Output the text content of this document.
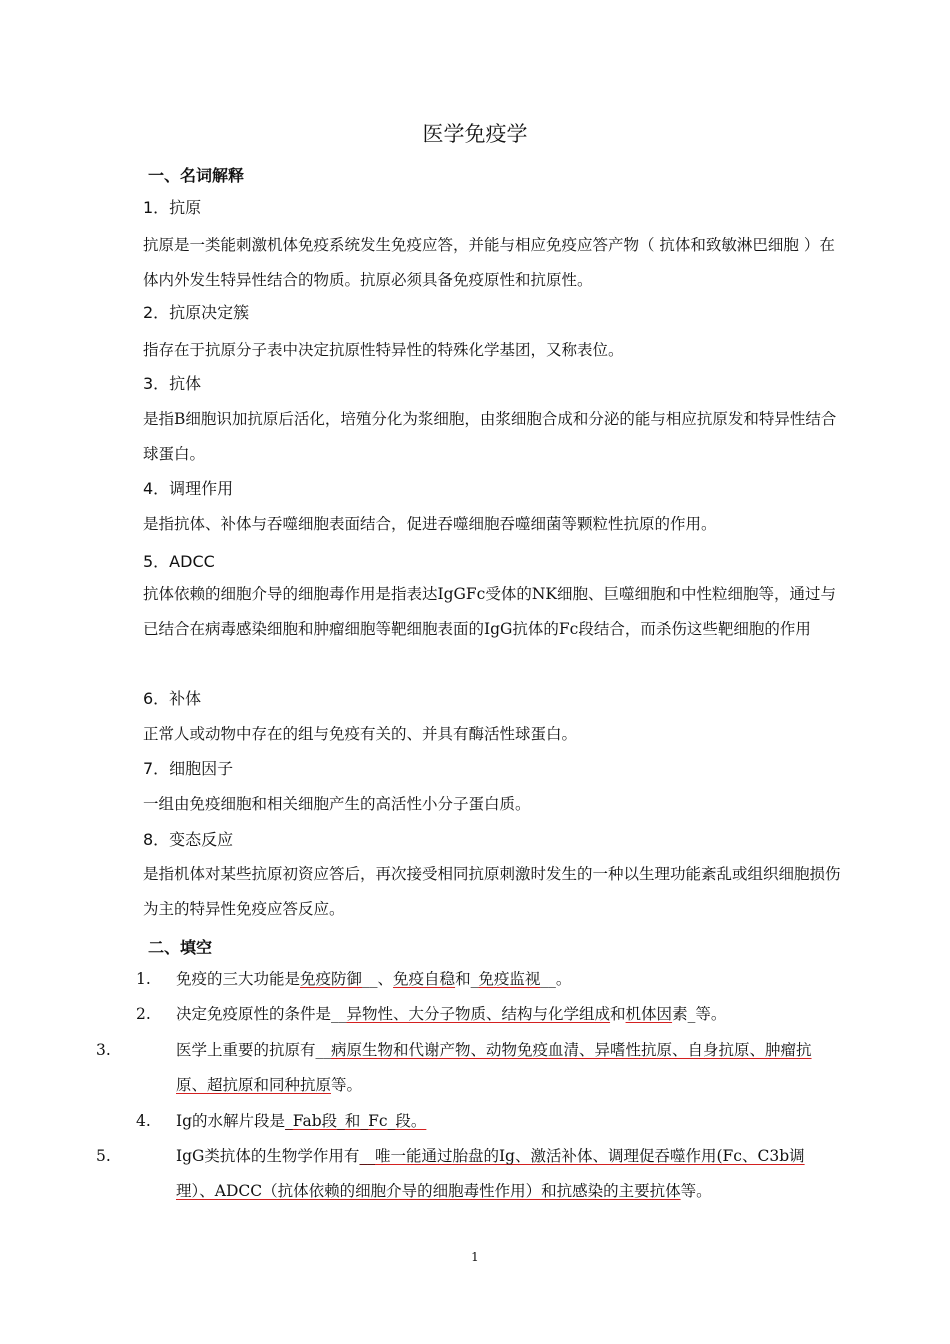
医学免疫学
一、名词解释
1．抗原
抗原是一类能刺激机体免疫系统发生免疫应答，并能与相应免疫应答产物（ 抗体和致敏淋巴细胞 ）在体内外发生特异性结合的物质。抗原必须具备免疫原性和抗原性。
2．抗原决定簇
指存在于抗原分子表中决定抗原性特异性的特殊化学基团，又称表位。
3．抗体
是指B细胞识加抗原后活化，培殖分化为浆细胞，由浆细胞合成和分泌的能与相应抗原发和特异性结合球蛋白。
4．调理作用
是指抗体、补体与吞噬细胞表面结合，促进吞噬细胞吞噬细菌等颗粒性抗原的作用。
5．ADCC
抗体依赖的细胞介导的细胞毒作用是指表达IgGFc受体的NK细胞、巨噬细胞和中性粒细胞等，通过与已结合在病毒感染细胞和肿瘤细胞等靶细胞表面的IgG抗体的Fc段结合，而杀伤这些靶细胞的作用
6．补体
正常人或动物中存在的组与免疫有关的、并具有酶活性球蛋白。
7．细胞因子
一组由免疫细胞和相关细胞产生的高活性小分子蛋白质。
8．变态反应
是指机体对某些抗原初资应答后，再次接受相同抗原刺激时发生的一种以生理功能紊乱或组织细胞损伤为主的特异性免疫应答反应。
二、填空
1. 免疫的三大功能是免疫防御__、免疫自稳和_免疫监视__。
2. 决定免疫原性的条件是__异物性、大分子物质、结构与化学组成和机体因素_等。
3.	医学上重要的抗原有__病原生物和代谢产物、动物免疫血清、异嗜性抗原、自身抗原、肿瘤抗原、超抗原和同种抗原等。
4. Ig的水解片段是_Fab段_和_Fc_段。
5.	IgG类抗体的生物学作用有__唯一能通过胎盘的Ig、激活补体、调理促吞噬作用(Fc、C3b调理）、ADCC（抗体依赖的细胞介导的细胞毒性作用）和抗感染的主要抗体等。
1
